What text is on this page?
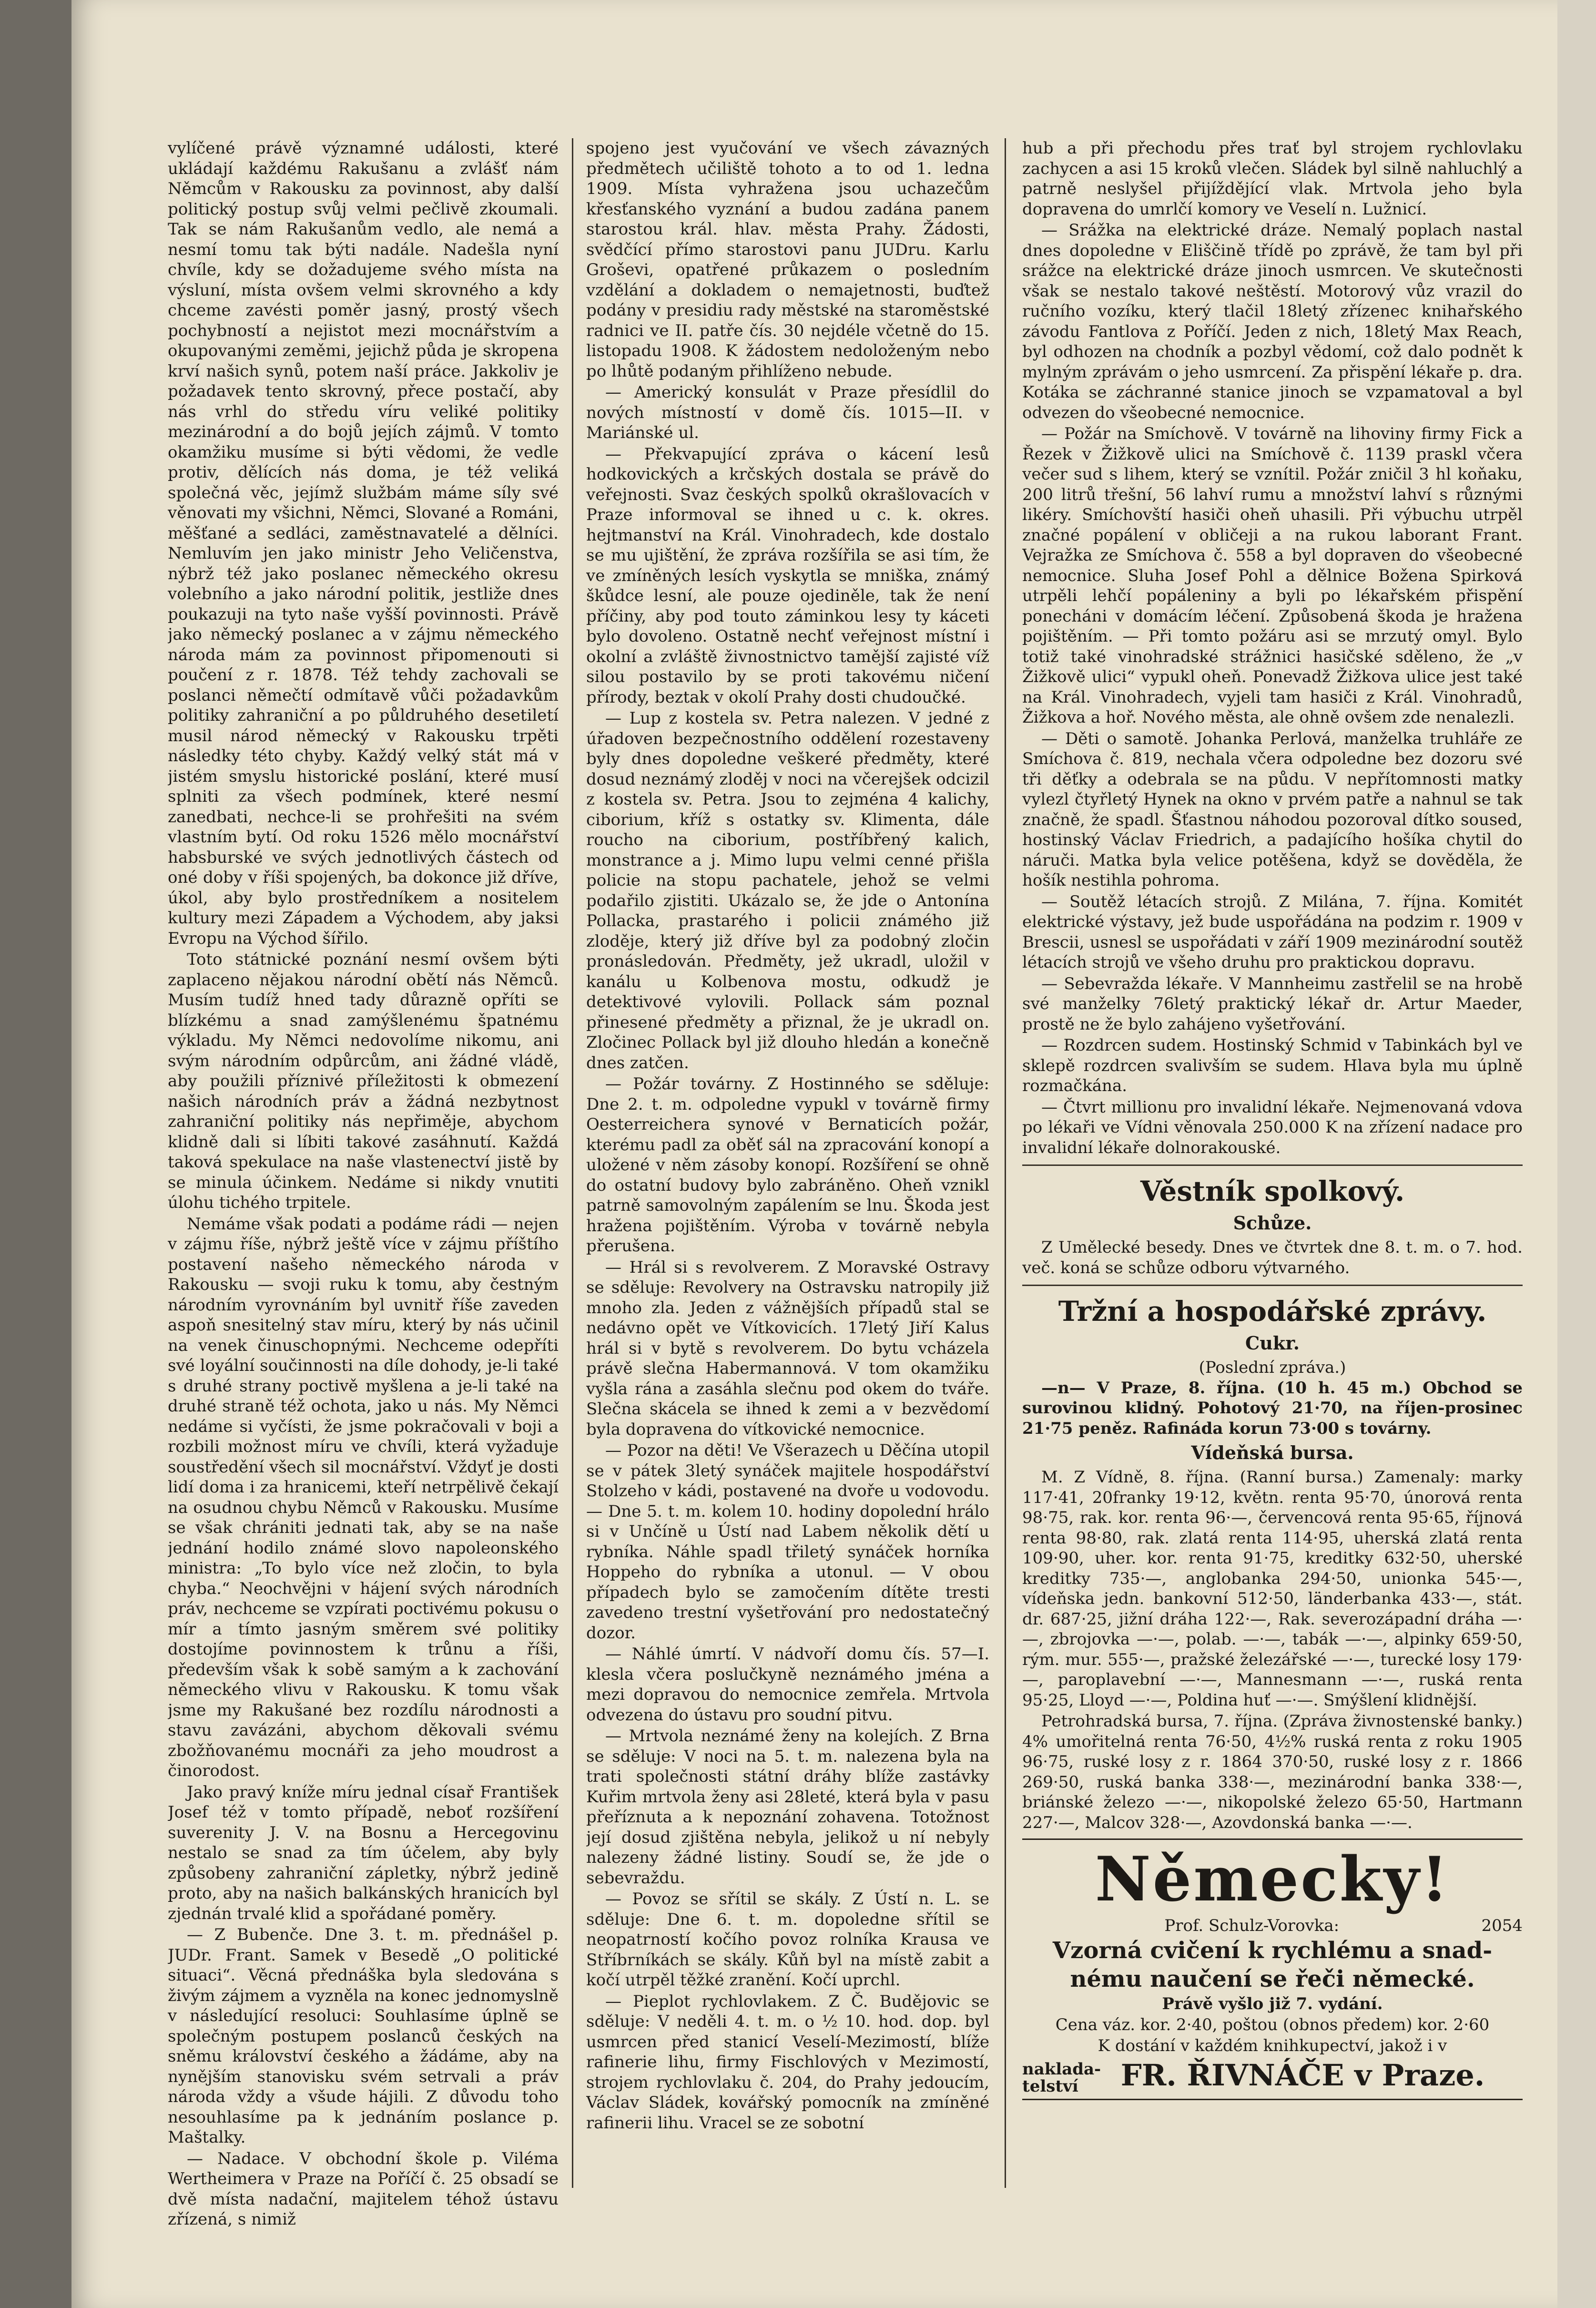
vylíčené právě významné události, které ukládají každému Rakušanu a zvlášť nám Němcům v Rakousku za povinnost, aby další politický postup svůj velmi pečlivě zkoumali. Tak se nám Rakušanům vedlo, ale nemá a nesmí tomu tak býti nadále. Nadešla nyní chvíle, kdy se dožadujeme svého místa na výsluní, místa ovšem velmi skrovného a kdy chceme zavésti poměr jasný, prostý všech pochybností a nejistot mezi mocnářstvím a okupovanými zeměmi, jejichž půda je skropena krví našich synů, potem naší práce. Jakkoliv je požadavek tento skrovný, přece postačí, aby nás vrhl do středu víru veliké politiky mezinárodní a do bojů jejích zájmů. V tomto okamžiku musíme si býti vědomi, že vedle protiv, dělících nás doma, je též veliká společná věc, jejímž službám máme síly své věnovati my všichni, Němci, Slované a Románi, měšťané a sedláci, zaměstnavatelé a dělníci. Nemluvím jen jako ministr Jeho Veličenstva, nýbrž též jako poslanec německého okresu volebního a jako národní politik, jestliže dnes poukazuji na tyto naše vyšší povinnosti. Právě jako německý poslanec a v zájmu německého národa mám za povinnost připomenouti si poučení z r. 1878. Též tehdy zachovali se poslanci němečtí odmítavě vůči požadavkům politiky zahraniční a po půldruhého desetiletí musil národ německý v Rakousku trpěti následky této chyby. Každý velký stát má v jistém smyslu historické poslání, které musí splniti za všech podmínek, které nesmí zanedbati, nechce-li se prohřešiti na svém vlastním bytí. Od roku 1526 mělo mocnářství habsburské ve svých jednotlivých částech od oné doby v říši spojených, ba dokonce již dříve, úkol, aby bylo prostředníkem a nositelem kultury mezi Západem a Východem, aby jaksi Evropu na Východ šířilo.

Toto státnické poznání nesmí ovšem býti zaplaceno nějakou národní obětí nás Němců. Musím tudíž hned tady důrazně opříti se blízkému a snad zamýšlenému špatnému výkladu. My Němci nedovolíme nikomu, ani svým národním odpůrcům, ani žádné vládě, aby použili příznivé příležitosti k obmezení našich národních práv a žádná nezbytnost zahraniční politiky nás nepřiměje, abychom klidně dali si líbiti takové zasáhnutí. Každá taková spekulace na naše vlastenectví jistě by se minula účinkem. Nedáme si nikdy vnutiti úlohu tichého trpitele.

Nemáme však podati a podáme rádi — nejen v zájmu říše, nýbrž ještě více v zájmu příštího postavení našeho německého národa v Rakousku — svoji ruku k tomu, aby čestným národním vyrovnáním byl uvnitř říše zaveden aspoň snesitelný stav míru, který by nás učinil na venek činuschopnými. Nechceme odepříti své loyální součinnosti na díle dohody, je-li také s druhé strany poctivě myšlena a je-li také na druhé straně též ochota, jako u nás. My Němci nedáme si vyčísti, že jsme pokračovali v boji a rozbili možnost míru ve chvíli, která vyžaduje soustředění všech sil mocnářství. Vždyť je dosti lidí doma i za hranicemi, kteří netrpělivě čekají na osudnou chybu Němců v Rakousku. Musíme se však chrániti jednati tak, aby se na naše jednání hodilo známé slovo napoleonského ministra: „To bylo více než zločin, to byla chyba.“ Neochvějni v hájení svých národních práv, nechceme se vzpírati poctivému pokusu o mír a tímto jasným směrem své politiky dostojíme povinnostem k trůnu a říši, především však k sobě samým a k zachování německého vlivu v Rakousku. K tomu však jsme my Rakušané bez rozdílu národnosti a stavu zavázáni, abychom děkovali svému zbožňovanému mocnáři za jeho moudrost a činorodost.

Jako pravý kníže míru jednal císař František Josef též v tomto případě, neboť rozšíření suverenity J. V. na Bosnu a Hercegovinu nestalo se snad za tím účelem, aby byly způsobeny zahraniční zápletky, nýbrž jedině proto, aby na našich balkánských hranicích byl zjednán trvalé klid a spořádané poměry.

— Z Bubenče. Dne 3. t. m. přednášel p. JUDr. Frant. Samek v Besedě „O politické situaci“. Věcná přednáška byla sledována s živým zájmem a vyzněla na konec jednomyslně v následující resoluci: Souhlasíme úplně se společným postupem poslanců českých na sněmu království českého a žádáme, aby na nynějším stanovisku svém setrvali a práv národa vždy a všude hájili. Z důvodu toho nesouhlasíme pa k jednáním poslance p. Maštalky.

— Nadace. V obchodní škole p. Viléma Wertheimera v Praze na Poříčí č. 25 obsadí se dvě místa nadační, majitelem téhož ústavu zřízená, s nimiž

spojeno jest vyučování ve všech závazných předmětech učiliště tohoto a to od 1. ledna 1909. Místa vyhražena jsou uchazečům křesťanského vyznání a budou zadána panem starostou král. hlav. města Prahy. Žádosti, svědčící přímo starostovi panu JUDru. Karlu Groševi, opatřené průkazem o posledním vzdělání a dokladem o nemajetnosti, buďtež podány v presidiu rady městské na staroměstské radnici ve II. patře čís. 30 nejdéle včetně do 15. listopadu 1908. K žádostem nedoloženým nebo po lhůtě podaným přihlíženo nebude.

— Americký konsulát v Praze přesídlil do nových místností v domě čís. 1015—II. v Mariánské ul.

— Překvapující zpráva o kácení lesů hodkovických a krčských dostala se právě do veřejnosti. Svaz českých spolků okrašlovacích v Praze informoval se ihned u c. k. okres. hejtmanství na Král. Vinohradech, kde dostalo se mu ujištění, že zpráva rozšířila se asi tím, že ve zmíněných lesích vyskytla se mniška, známý škůdce lesní, ale pouze ojediněle, tak že není příčiny, aby pod touto záminkou lesy ty káceti bylo dovoleno. Ostatně nechť veřejnost místní i okolní a zvláště živnostnictvo tamější zajisté víž silou postavilo by se proti takovému ničení přírody, beztak v okolí Prahy dosti chudoučké.

— Lup z kostela sv. Petra nalezen. V jedné z úřadoven bezpečnostního oddělení rozestaveny byly dnes dopoledne veškeré předměty, které dosud neznámý zloděj v noci na včerejšek odcizil z kostela sv. Petra. Jsou to zejména 4 kalichy, ciborium, kříž s ostatky sv. Klimenta, dále roucho na ciborium, postříbřený kalich, monstrance a j. Mimo lupu velmi cenné přišla policie na stopu pachatele, jehož se velmi podařilo zjistiti. Ukázalo se, že jde o Antonína Pollacka, prastarého i policii známého již zloděje, který již dříve byl za podobný zločin pronásledován. Předměty, jež ukradl, uložil v kanálu u Kolbenova mostu, odkudž je detektivové vylovili. Pollack sám poznal přinesené předměty a přiznal, že je ukradl on. Zločinec Pollack byl již dlouho hledán a konečně dnes zatčen.

— Požár továrny. Z Hostinného se sděluje: Dne 2. t. m. odpoledne vypukl v továrně firmy Oesterreichera synové v Bernaticích požár, kterému padl za oběť sál na zpracování konopí a uložené v něm zásoby konopí. Rozšíření se ohně do ostatní budovy bylo zabráněno. Oheň vznikl patrně samovolným zapálením se lnu. Škoda jest hražena pojištěním. Výroba v továrně nebyla přerušena.

— Hrál si s revolverem. Z Moravské Ostravy se sděluje: Revolvery na Ostravsku natropily již mnoho zla. Jeden z vážnějších případů stal se nedávno opět ve Vítkovicích. 17letý Jiří Kalus hrál si v bytě s revolverem. Do bytu vcházela právě slečna Habermannová. V tom okamžiku vyšla rána a zasáhla slečnu pod okem do tváře. Slečna skácela se ihned k zemi a v bezvědomí byla dopravena do vítkovické nemocnice.

— Pozor na děti! Ve Všerazech u Děčína utopil se v pátek 3letý synáček majitele hospodářství Stolzeho v kádi, postavené na dvoře u vodovodu. — Dne 5. t. m. kolem 10. hodiny dopolední hrálo si v Unčíně u Ústí nad Labem několik dětí u rybníka. Náhle spadl třiletý synáček horníka Hoppeho do rybníka a utonul. — V obou případech bylo se zamočením dítěte tresti zavedeno trestní vyšetřování pro nedostatečný dozor.

— Náhlé úmrtí. V nádvoří domu čís. 57—I. klesla včera poslučkyně neznámého jména a mezi dopravou do nemocnice zemřela. Mrtvola odvezena do ústavu pro soudní pitvu.

— Mrtvola neznámé ženy na kolejích. Z Brna se sděluje: V noci na 5. t. m. nalezena byla na trati společnosti státní dráhy blíže zastávky Kuřim mrtvola ženy asi 28leté, která byla v pasu přeříznuta a k nepoznání zohavena. Totožnost její dosud zjištěna nebyla, jelikož u ní nebyly nalezeny žádné listiny. Soudí se, že jde o sebevraždu.

— Povoz se sřítil se skály. Z Ústí n. L. se sděluje: Dne 6. t. m. dopoledne sřítil se neopatrností kočího povoz rolníka Krausa ve Stříbrníkách se skály. Kůň byl na místě zabit a kočí utrpěl těžké zranění. Kočí uprchl.

— Pieplot rychlovlakem. Z Č. Budějovic se sděluje: V neděli 4. t. m. o ½ 10. hod. dop. byl usmrcen před stanicí Veselí-Mezimostí, blíže rafinerie lihu, firmy Fischlových v Mezimostí, strojem rychlovlaku č. 204, do Prahy jedoucím, Václav Sládek, kovářský pomocník na zmíněné rafinerii lihu. Vracel se ze sobotní

hub a při přechodu přes trať byl strojem rychlovlaku zachycen a asi 15 kroků vlečen. Sládek byl silně nahluchlý a patrně neslyšel přijíždějící vlak. Mrtvola jeho byla dopravena do umrlčí komory ve Veselí n. Lužnicí.

— Srážka na elektrické dráze. Nemalý poplach nastal dnes dopoledne v Eliščině třídě po zprávě, že tam byl při srážce na elektrické dráze jinoch usmrcen. Ve skutečnosti však se nestalo takové neštěstí. Motorový vůz vrazil do ručního vozíku, který tlačil 18letý zřízenec knihařského závodu Fantlova z Poříčí. Jeden z nich, 18letý Max Reach, byl odhozen na chodník a pozbyl vědomí, což dalo podnět k mylným zprávám o jeho usmrcení. Za přispění lékaře p. dra. Kotáka se záchranné stanice jinoch se vzpamatoval a byl odvezen do všeobecné nemocnice.

— Požár na Smíchově. V továrně na lihoviny firmy Fick a Řezek v Žižkově ulici na Smíchově č. 1139 praskl včera večer sud s lihem, který se vznítil. Požár zničil 3 hl koňaku, 200 litrů třešní, 56 lahví rumu a množství lahví s různými likéry. Smíchovští hasiči oheň uhasili. Při výbuchu utrpěl značné popálení v obličeji a na rukou laborant Frant. Vejražka ze Smíchova č. 558 a byl dopraven do všeobecné nemocnice. Sluha Josef Pohl a dělnice Božena Spirková utrpěli lehčí popáleniny a byli po lékařském přispění ponecháni v domácím léčení. Způsobená škoda je hražena pojištěním. — Při tomto požáru asi se mrzutý omyl. Bylo totiž také vinohradské strážnici hasičské sděleno, že „v Žižkově ulici“ vypukl oheň. Ponevadž Žižkova ulice jest také na Král. Vinohradech, vyjeli tam hasiči z Král. Vinohradů, Žižkova a hoř. Nového města, ale ohně ovšem zde nenalezli.

— Děti o samotě. Johanka Perlová, manželka truhláře ze Smíchova č. 819, nechala včera odpoledne bez dozoru své tři děťky a odebrala se na půdu. V nepřítomnosti matky vylezl čtyřletý Hynek na okno v prvém patře a nahnul se tak značně, že spadl. Šťastnou náhodou pozoroval dítko soused, hostinský Václav Friedrich, a padajícího hošíka chytil do náruči. Matka byla velice potěšena, když se dověděla, že hošík nestihla pohroma.

— Soutěž létacích strojů. Z Milána, 7. října. Komitét elektrické výstavy, jež bude uspořádána na podzim r. 1909 v Brescii, usnesl se uspořádati v září 1909 mezinárodní soutěž létacích strojů ve všeho druhu pro praktickou dopravu.

— Sebevražda lékaře. V Mannheimu zastřelil se na hrobě své manželky 76letý praktický lékař dr. Artur Maeder, prostě ne že bylo zahájeno vyšetřování.

— Rozdrcen sudem. Hostinský Schmid v Tabinkách byl ve sklepě rozdrcen svalivším se sudem. Hlava byla mu úplně rozmačkána.

— Čtvrt millionu pro invalidní lékaře. Nejmenovaná vdova po lékaři ve Vídni věnovala 250.000 K na zřízení nadace pro invalidní lékaře dolnorakouské.

Věstník spolkový.
Schůze.

Z Umělecké besedy. Dnes ve čtvrtek dne 8. t. m. o 7. hod. več. koná se schůze odboru výtvarného.

Tržní a hospodářské zprávy.
Cukr.
(Poslední zpráva.)

—n— V Praze, 8. října. (10 h. 45 m.) Obchod se surovinou klidný. Pohotový 21·70, na říjen-prosinec 21·75 peněz. Rafináda korun 73·00 s továrny.

Vídeňská bursa.

M. Z Vídně, 8. října. (Ranní bursa.) Zamenaly: marky 117·41, 20franky 19·12, květn. renta 95·70, únorová renta 98·75, rak. kor. renta 96·—, červencová renta 95·65, říjnová renta 98·80, rak. zlatá renta 114·95, uherská zlatá renta 109·90, uher. kor. renta 91·75, kreditky 632·50, uherské kreditky 735·—, anglobanka 294·50, unionka 545·—, vídeňska jedn. bankovní 512·50, länderbanka 433·—, stát. dr. 687·25, jižní dráha 122·—, Rak. severozápadní dráha —·—, zbrojovka —·—, polab. —·—, tabák —·—, alpinky 659·50, rým. mur. 555·—, pražské železářské —·—, turecké losy 179·—, paroplavební —·—, Mannesmann —·—, ruská renta 95·25, Lloyd —·—, Poldina huť —·—. Smýšlení klidnější.

Petrohradská bursa, 7. října. (Zpráva živnostenské banky.) 4% umořitelná renta 76·50, 4½% ruská renta z roku 1905 96·75, ruské losy z r. 1864 370·50, ruské losy z r. 1866 269·50, ruská banka 338·—, mezinárodní banka 338·—, briánské železo —·—, nikopolské železo 65·50, Hartmann 227·—, Malcov 328·—, Azovdonská banka —·—.

Německy!
Prof. Schulz-Vorovka:	2054
Vzorná cvičení k rychlému a snad-
nému naučení se řeči německé.
Právě vyšlo již 7. vydání.
Cena váz. kor. 2·40, poštou (obnos předem) kor. 2·60
K dostání v každém knihkupectví, jakož i v
naklada-
telství FR. ŘIVNÁČE v Praze.
